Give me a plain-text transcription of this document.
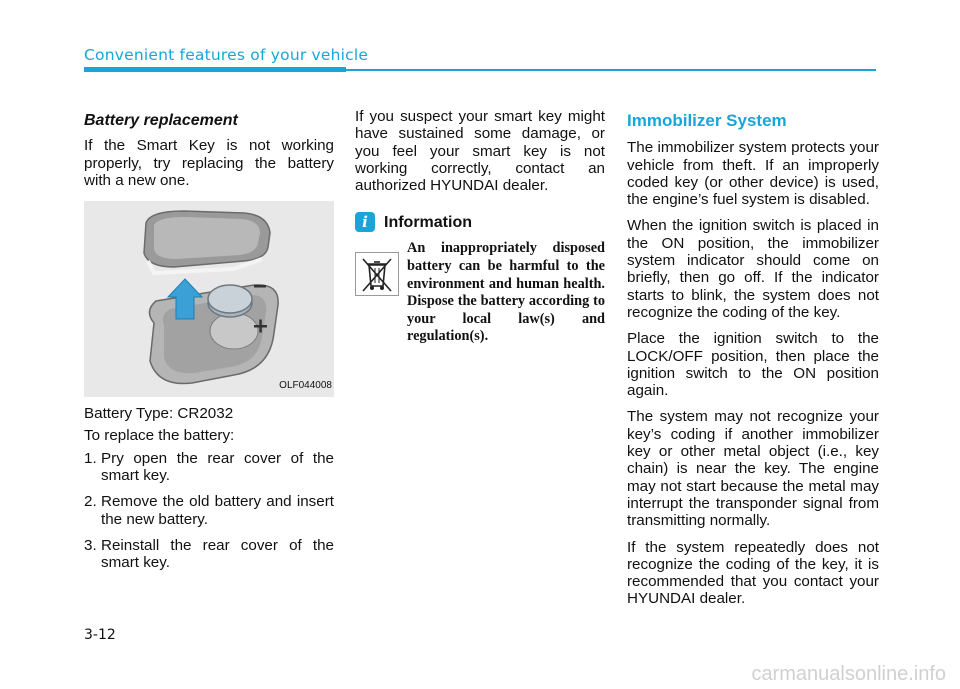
Convenient features of your vehicle
Battery replacement

If the Smart Key is not working properly, try replacing the battery with a new one.

OLF044008

Battery Type: CR2032

To replace the battery:

1. Pry open the rear cover of the smart key.
2. Remove the old battery and insert the new battery.
3. Reinstall the rear cover of the smart key.

If you suspect your smart key might have sustained some damage, or you feel your smart key is not working correctly, contact an authorized HYUNDAI dealer.

i	Information
An inappropriately disposed battery can be harmful to the environment and human health. Dispose the battery according to your local law(s) and regulation(s).
Immobilizer System

The immobilizer system protects your vehicle from theft. If an improperly coded key (or other device) is used, the engine’s fuel system is disabled.

When the ignition switch is placed in the ON position, the immobilizer system indicator should come on briefly, then go off. If the indicator starts to blink, the system does not recognize the coding of the key.

Place the ignition switch to the LOCK/OFF position, then place the ignition switch to the ON position again.

The system may not recognize your key’s coding if another immobilizer key or other metal object (i.e., key chain) is near the key. The engine may not start because the metal may interrupt the transponder signal from transmitting normally.

If the system repeatedly does not recognize the coding of the key, it is recommended that you contact your HYUNDAI dealer.

3-12
carmanualsonline.info
